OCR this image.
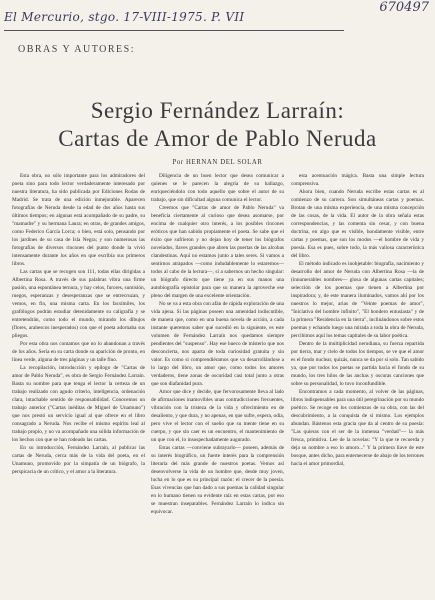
El Mercurio, stgo. 17-VIII-1975. P. VII
670497
OBRAS Y AUTORES:
Sergio Fernández Larraín:
Cartas de Amor de Pablo Neruda
Por HERNAN DEL SOLAR

Esta obra, no sólo importante para los admiradores del poeta sino para todo lector verdaderamente interesado por nuestra literatura, ha sido publicada por Ediciones Rodas de Madrid. Se trata de una edición inmejorable. Aparecen fotografías de Neruda desde la edad de dos años hasta sus últimos tiempos; en algunas está acompañado de su padre, su "mamadre" y su hermana Laura; en otras, de grandes amigos, como Federico García Lorca; o bien, está solo, pensando por los jardines de su casa de Isla Negra; y son numerosas las fotografías de diversos rincones del punto donde la vivió intensamente durante los años en que escribía sus primeros libros.

Las cartas que se recogen son 111, todas ellas dirigidas a Albertina Rosa. A través de sus palabras vibra una firme pasión, una espontánea ternura, y hay celos, furores, sumisión, ruegos, esperanzas y desesperanzas que se entrecruzan, y vemos, en fin, una misma carta. En los facsímiles, los grafólogos podrán estudiar detenidamente su caligrafía y se entretendrán, como todo el mundo, mirando los dibujos (flores, arabescos inesperados) con que el poeta adornaba sus pliegos.

Por esta obra nos contamos que no lo abandonan a través de los años. Sería en su carta donde su aparición de pronto, en línea verde, alguna de tres páginas y un talle fino.

La recopilación, introducción y epílogo de "Cartas de amor de Pablo Neruda", es obra de Sergio Fernández Larraín. Basta su nombre para que tenga el lector la certeza de un trabajo realizado con agudo criterio, inteligencia, ordenación clara, intachable sentido de responsabilidad. Conocemos un trabajo anterior ("Cartas inéditas de Miguel de Unamuno") que nos prestó un servicio igual al que ofrece en el libro consagrado a Neruda. Nos recibe el mismo espíritu leal al trabajo propio, y no va acompañado una sólida información de los hechos con que se han rodeado las cartas.

En su introducción, Fernández Larraín, al publicar las cartas de Neruda, cerca más de la vida del poeta, en el Unamuno, promovido por la simpatía de un biógrafo, la perspicacia de un crítico, y el amor a la literatura.

Diligencia de un buen lector que desea comunicar a quienes se le parecen la alegría de su hallazgo, enriqueciéndolo con todo aquello que sobre el autor de su trabajo, que sin dificultad alguna comunica el lector.

Creemos que "Cartas de amor de Pablo Neruda" va beneficia ciertamente al curioso que desea asomarse, por encima de cualquier otro interés, a los posibles rincones eróticos que han sabido propiamente el poeta. Se sabe que el éxito que sufrieron y no dejan hoy de tener los biógrafos novelados, llaves grandes que abren las puertas de las alcobas clandestinas. Aquí no estamos junto a tales seres. Si vamos a sentirnos atrapados —como indudablemente lo estaremos— todos al cabo de la lectura—, sí a sabernos un hecho singular: un biógrafo directo que tiene ya en sus manos una autobiografía epistolar para que su manera la aproveche ese pleno del margen de una excelente orientación.

No se va a esta obra con afán de rápida exploración de una vida ajena. Si las páginas poseen una amenidad indiscutible, de manera que, como en una buena novela de acción, a cada instante queremos saber qué sucedió en la siguiente, es este volumen de Fernández Larraín nos quedamos siempre pendientes del "suspenso". Hay ese hueco de misterio que nos desconcierta, nos aparta de toda curiosidad gratuita y sin valor. Es como si comprendiéramos que va desarrollándose a lo largo del libro, un amor que, como todos los amores verdaderos, tiene zonas de oscuridad casi total junto a otras que son diafanidad pura.

Amor que dice y decide, que fervorosamente lleva al lado de afirmaciones inamovibles unas contradicciones frecuentes, vibración con la tristeza de la vida y ofrecimiento en de desaliento, y que dura, y no apenas, en que sufre, espera, odia, pero vive el lector con el sueño que su mente tiene en su cuerpo, y que sin caer es un encuentro, el mantenimiento de un que con el, lo insospechadamente augurado.

Estas cartas —conviene subrayarlo— poseen, además de su interés biográfico, un fuerte interés para la comprensión literaria del más grande de nuestros poetas. Vemos así desenvolverse la vida de un hombre que, desde muy joven, lucha en lo que es su principal razón: el crecer de la poesía. Esas vivencias que han dado a sus poemas la calidad singular en lo humano tienen su evidente raíz en estas cartas, por eso se muestran inseparables. Fernández Larraín lo indica sin equivocar.

esta acentuación mágica. Basta una simple lectura comprensiva.

Ahora bien, cuando Neruda escribe estas cartas es al comienzo de su carrera. Son simultáneas cartas y poemas. Brotan de una misma experiencia, de una misma concepción de las cosas, de la vida. El autor de la obra señala estas correspondencias, y las comenta sin cesar, y con buena doctrina, en algo que es visible, hondamente visible, entre cartas y poemas, que son los modos —el hombre de vida y poesía. Esa es pues, sobre todo, la más valiosa característica del libro.

El método indicado es inobjetable: biografía, nacimiento y desarrollo del amor de Neruda con Albertina Rosa —la de (innumerables nombres— glosa de algunas cartas capitales; selección de los poemas que tienen a Albertina por inspiradora; y, de este manera iluminados, vamos ahí por los nuestros lo mejor, arias de "Veinte poemas de amor", "Iniciativa del hombre infinito", "El hondero entusiasta" y de la primera "Residencia en la tierra", inclinándonos sobre estos poemas y echando luego una mirada a toda la obra de Neruda, percibimos aquí los temas capitales de su labor poética.

Dentro de la multiplicidad nerudiana, su fuerza repartida por tierra, mar y cielo de todos los tiempos, se ve que el amor es el fondo nuclear, quizás, nunca se da por sí solo. Tan sabido ya, que por todos los poetas se partida hacia el fondo de su mundo, los tres hilos de las anchas y oscuras canciones que sobre su personalidad, lo tuvo inconfundible.

Encontramos a cada momento, al volver de las páginas, libros indispensables para una útil peregrinación por su mundo poético. Se recoge en los comienzos de su obra, con las del descubrimiento, a la conquista de sí mismo. Los ejemplos abundan. Bástenos esta gracia que da al centro de su poesía: "Las quieras con el ser de la inmensa "verdad"— la más fresca, primitiva. Lee de la novelas: "Y la que te recuerda y deja su nombre a eso lo amoro..." Y la primera llave de este bosque, antes dicho, para enternecerse de abajo de los terrones hacia el amor primordial,
